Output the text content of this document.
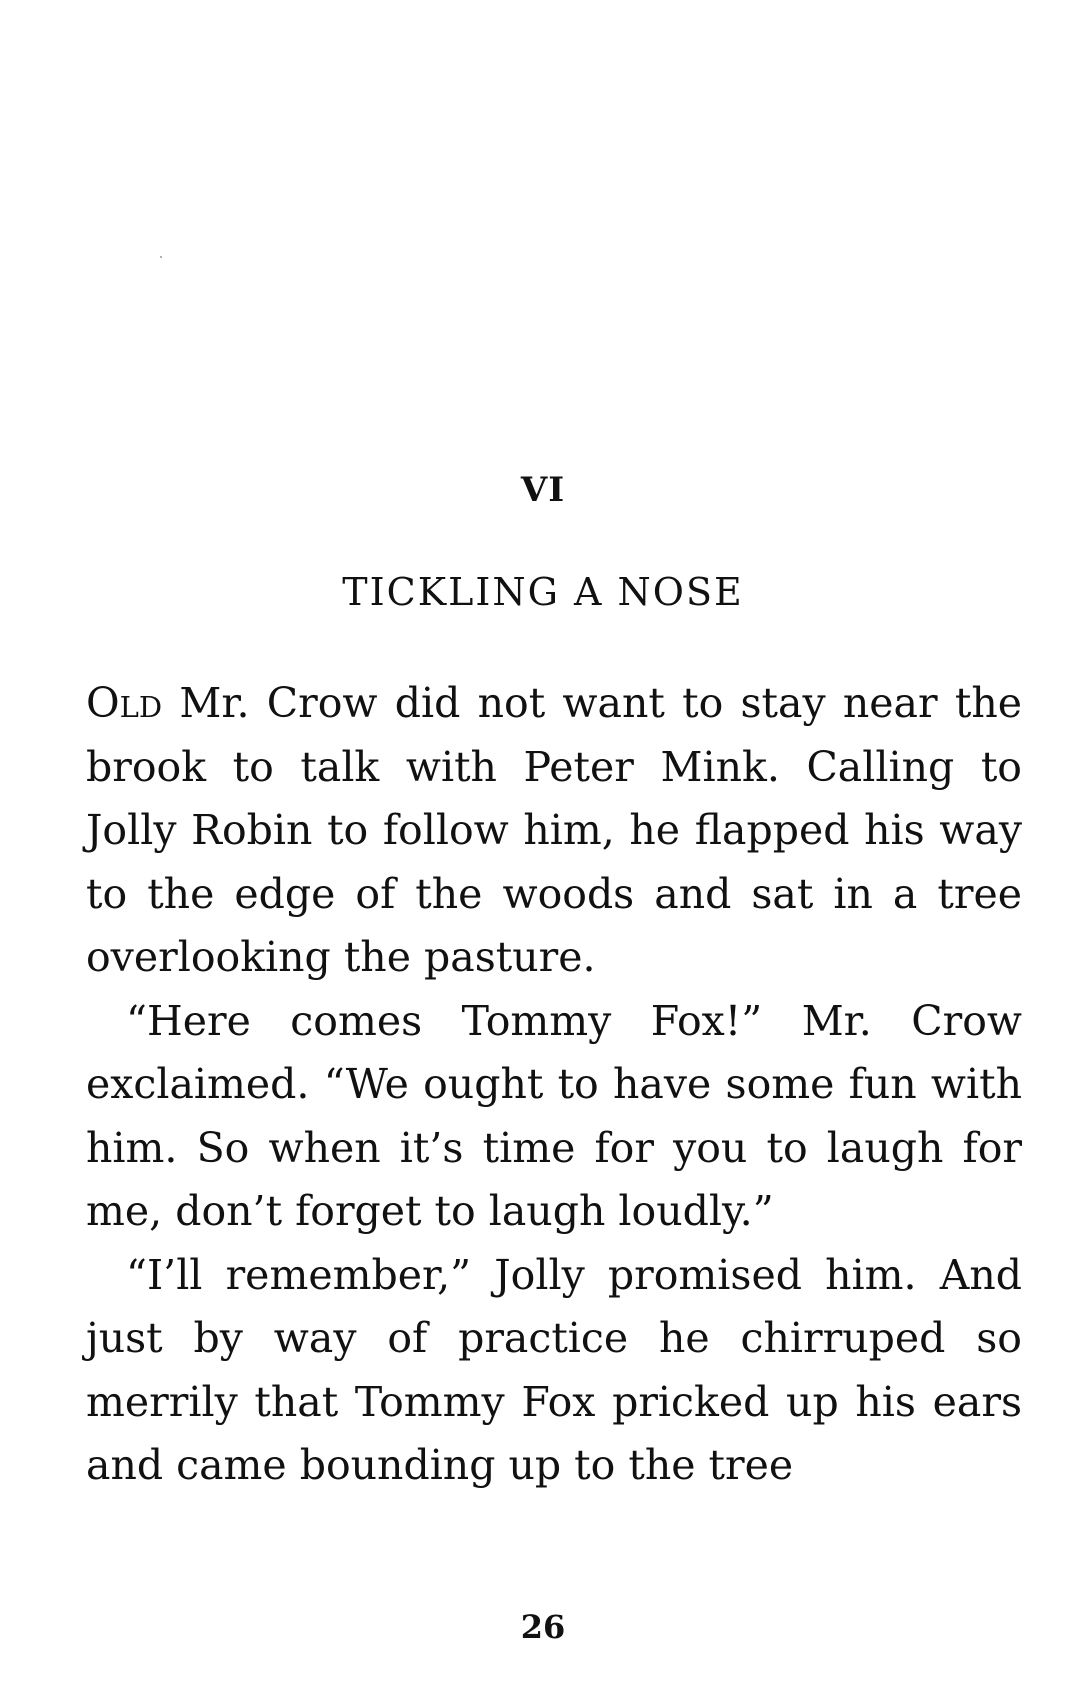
VI
TICKLING A NOSE

Old Mr. Crow did not want to stay near the brook to talk with Peter Mink. Calling to Jolly Robin to follow him, he flapped his way to the edge of the woods and sat in a tree overlooking the pasture.

“Here comes Tommy Fox!” Mr. Crow exclaimed. “We ought to have some fun with him. So when it’s time for you to laugh for me, don’t forget to laugh loudly.”

“I’ll remember,” Jolly promised him. And just by way of practice he chirruped so merrily that Tommy Fox pricked up his ears and came bounding up to the tree

26
